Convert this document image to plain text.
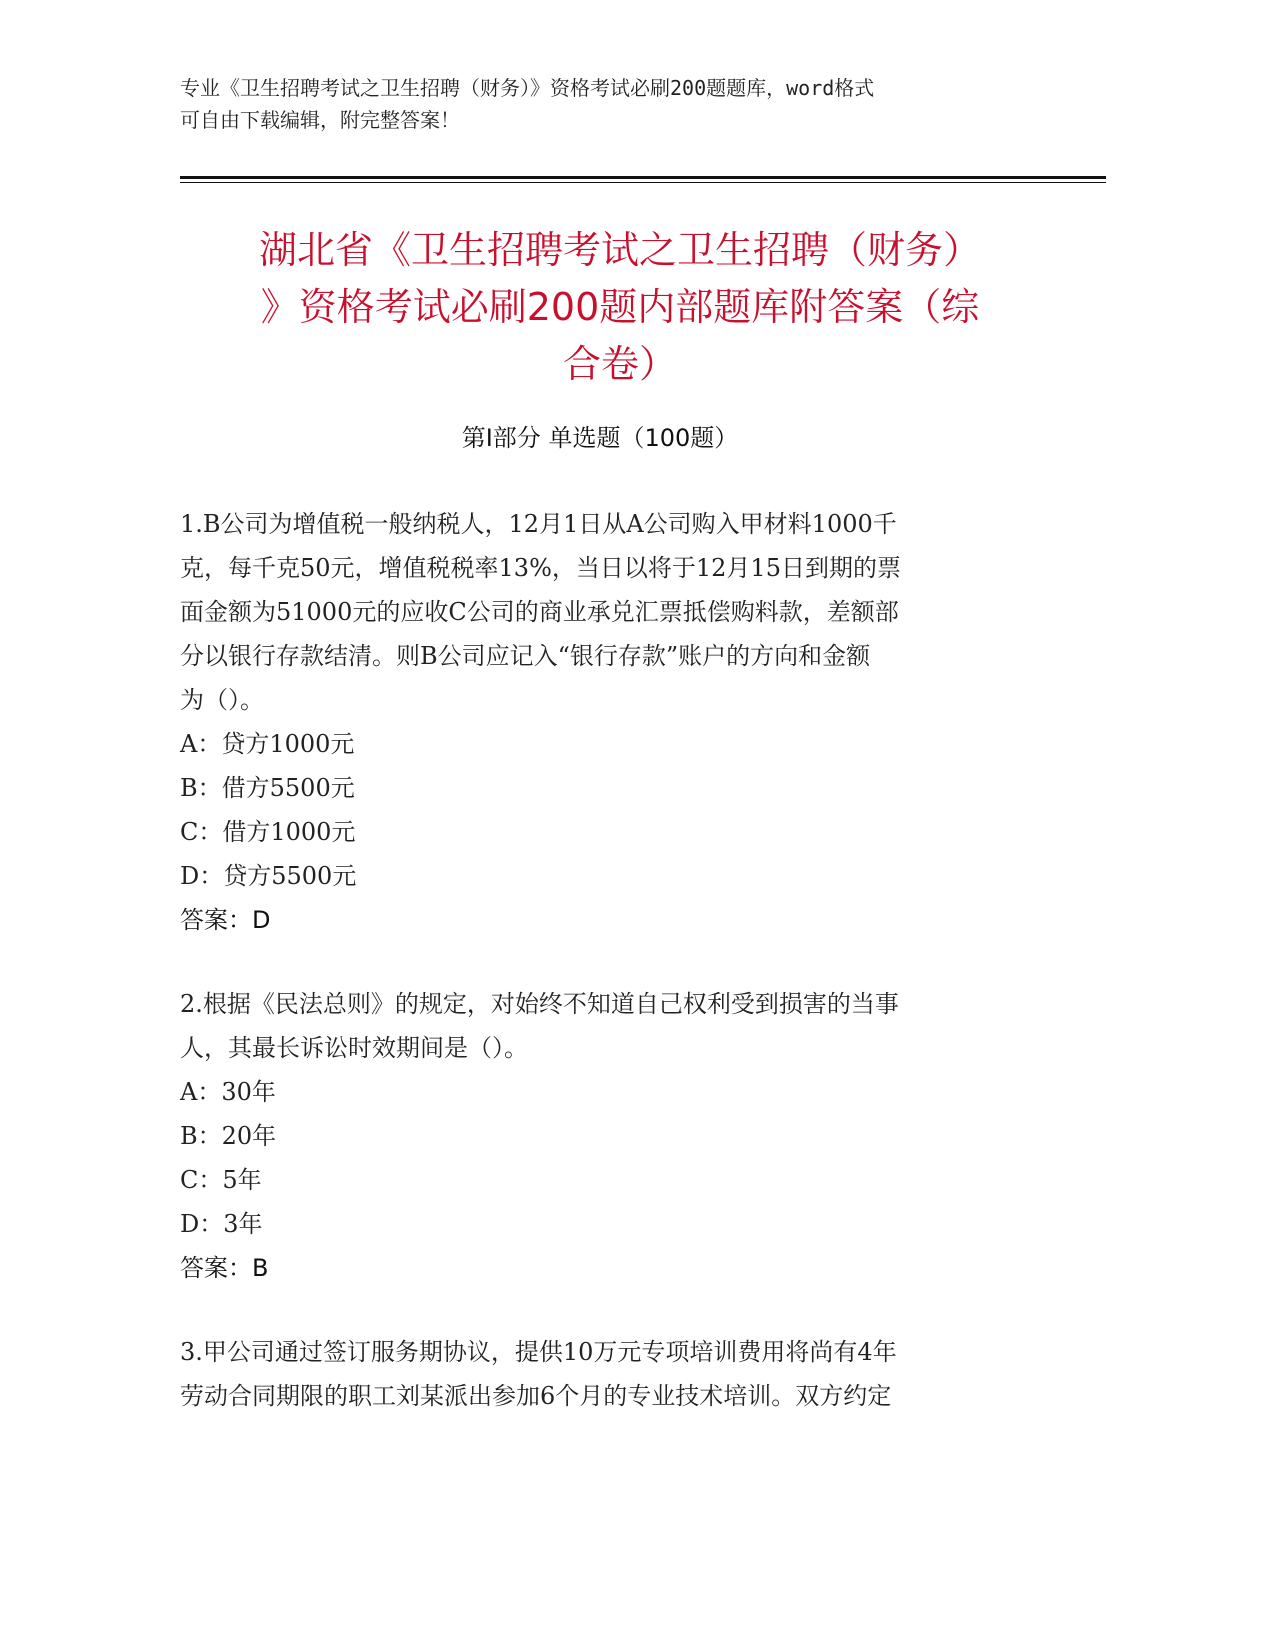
专业《卫生招聘考试之卫生招聘（财务）》资格考试必刷200题题库，word格式
可自由下载编辑，附完整答案！
湖北省《卫生招聘考试之卫生招聘（财务）
》资格考试必刷200题内部题库附答案（综
合卷）
第Ⅰ部分 单选题（100题）
1.B公司为增值税一般纳税人，12月1日从A公司购入甲材料1000千
克，每千克50元，增值税税率13%，当日以将于12月15日到期的票
面金额为51000元的应收C公司的商业承兑汇票抵偿购料款，差额部
分以银行存款结清。则B公司应记入“银行存款”账户的方向和金额
为（）。
A：贷方1000元
B：借方5500元
C：借方1000元
D：贷方5500元
答案：D
2.根据《民法总则》的规定，对始终不知道自己权利受到损害的当事
人，其最长诉讼时效期间是（）。
A：30年
B：20年
C：5年
D：3年
答案：B
3.甲公司通过签订服务期协议，提供10万元专项培训费用将尚有4年
劳动合同期限的职工刘某派出参加6个月的专业技术培训。双方约定
